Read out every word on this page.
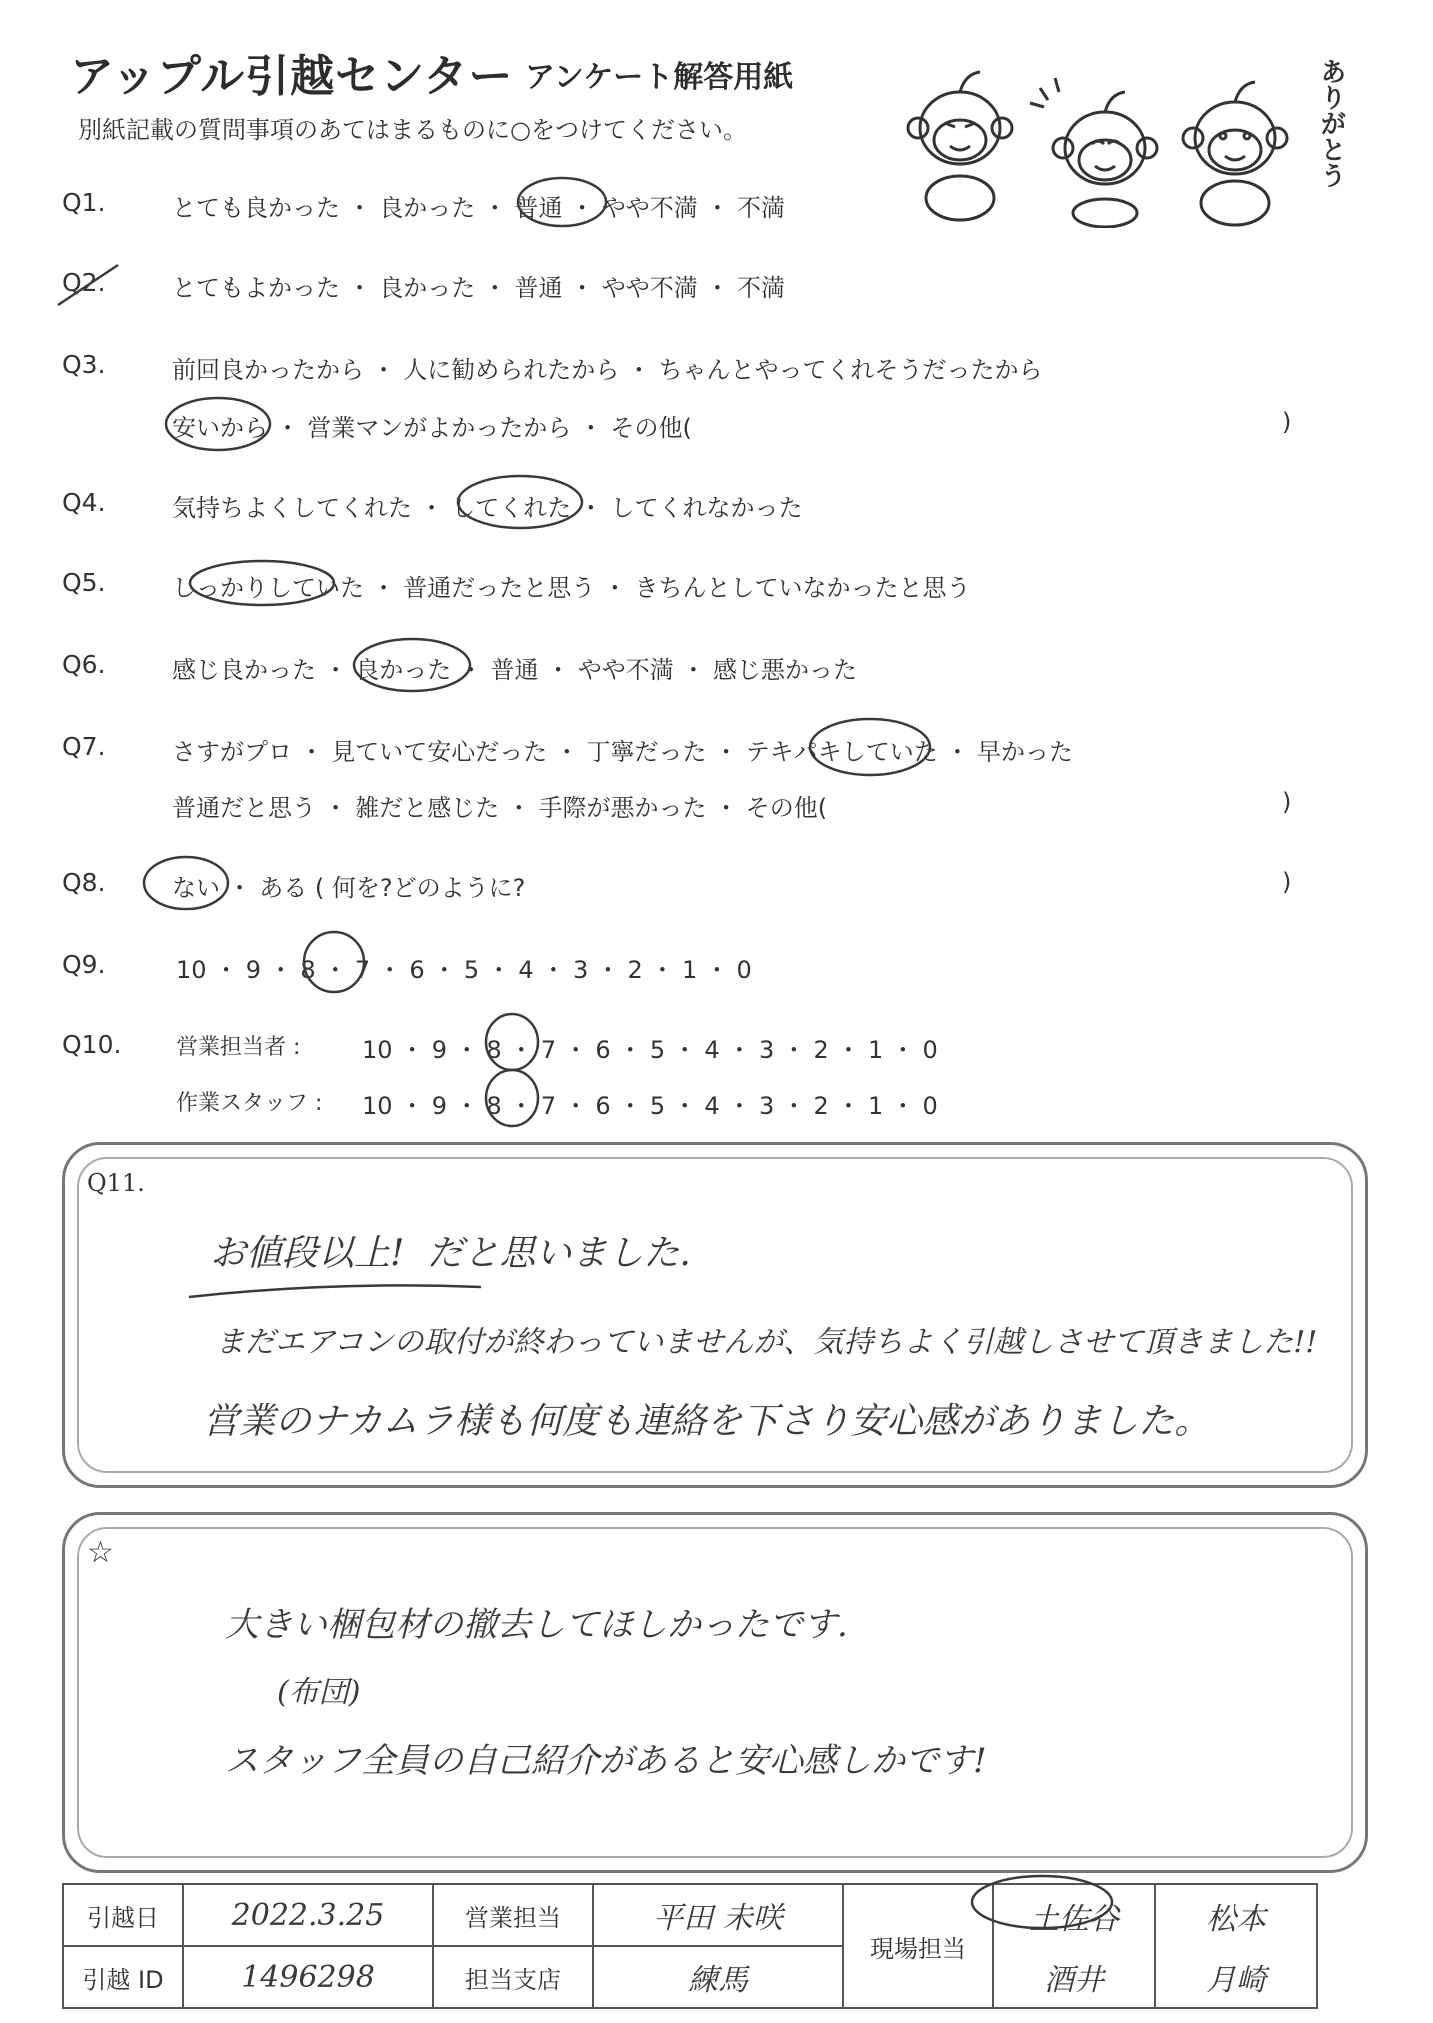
アップル引越センター アンケート解答用紙
別紙記載の質問事項のあてはまるものに○をつけてください。	ありがとう
Q1.	とても良かった ・ 良かった ・ 普通 ・ やや不満 ・ 不満
Q2.	とてもよかった ・ 良かった ・ 普通 ・ やや不満 ・ 不満
Q3.	前回良かったから ・ 人に勧められたから ・ ちゃんとやってくれそうだったから
安いから ・ 営業マンがよかったから ・ その他(	)
Q4.	気持ちよくしてくれた ・ してくれた ・ してくれなかった
Q5.	しっかりしていた ・ 普通だったと思う ・ きちんとしていなかったと思う
Q6.	感じ良かった ・ 良かった ・ 普通 ・ やや不満 ・ 感じ悪かった
Q7.	さすがプロ ・ 見ていて安心だった ・ 丁寧だった ・ テキパキしていた ・ 早かった
普通だと思う ・ 雑だと感じた ・ 手際が悪かった ・ その他(	)
Q8.	ない ・ ある ( 何を?どのように?	)
Q9.	10 ・ 9 ・ 8 ・ 7 ・ 6 ・ 5 ・ 4 ・ 3 ・ 2 ・ 1 ・ 0
Q10. 営業担当者 :	10 ・ 9 ・ 8 ・ 7 ・ 6 ・ 5 ・ 4 ・ 3 ・ 2 ・ 1 ・ 0
作業スタッフ : 10 ・ 9 ・ 8 ・ 7 ・ 6 ・ 5 ・ 4 ・ 3 ・ 2 ・ 1 ・ 0
Q11.
お値段以上!  だと思いました.
まだエアコンの取付が終わっていませんが、気持ちよく引越しさせて頂きました!!
営業のナカムラ様も何度も連絡を下さり安心感がありました。
☆
大きい梱包材の撤去してほしかったです.
(布団)
スタッフ全員の自己紹介があると安心感しかです!
引越日	2022.3.25	営業担当	平田 未咲	現場担当	土佐谷	松本
引越 ID	1496298	担当支店	練馬		酒井	月崎
